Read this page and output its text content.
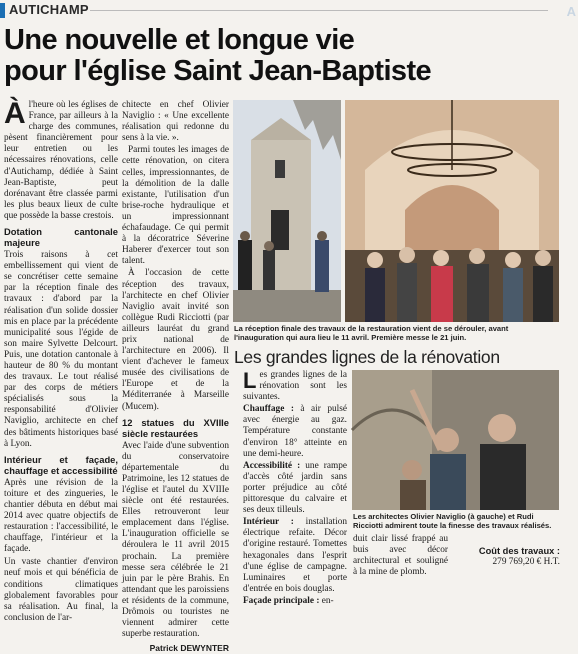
AUTICHAMP	A
Une nouvelle et longue vie
pour l'église Saint Jean-Baptiste

À l'heure où les églises de France, par ailleurs à la charge des communes, pèsent financièrement pour leur entretien ou les nécessaires rénovations, celle d'Autichamp, dédiée à Saint Jean-Baptiste, peut dorénavant être classée parmi les plus beaux lieux de culte que possède la basse crestois.

Dotation cantonale majeure

Trois raisons à cet embellissement qui vient de se concrétiser cette semaine par la réception finale des travaux : d'abord par la réalisation d'un solide dossier mis en place par la précédente municipalité sous l'égide de son maire Sylvette Delcourt. Puis, une dotation cantonale à hauteur de 80 % du montant des travaux. Le tout réalisé par des corps de métiers spécialisés sous la responsabilité d'Olivier Naviglio, architecte en chef des bâtiments historiques basé à Lyon.

Intérieur et façade, chauffage et accessibilité

Après une révision de la toiture et des zingueries, le chantier débuta en début mai 2014 avec quatre objectifs de restauration : l'accessibilité, le chauffage, l'intérieur et la façade.

Un vaste chantier d'environ neuf mois et qui bénéficia de conditions climatiques globalement favorables pour sa réalisation. Au final, la conclusion de l'ar-

chitecte en chef Olivier Naviglio : « Une excellente réalisation qui redonne du sens à la vie. ».

Parmi toutes les images de cette rénovation, on citera celles, impressionnantes, de la démolition de la dalle existante, l'utilisation d'un brise-roche hydraulique et un impressionnant échafaudage. Ce qui permit à la décoratrice Séverine Haberer d'exercer tout son talent.

À l'occasion de cette réception des travaux, l'architecte en chef Olivier Naviglio avait invité son collègue Rudi Ricciotti (par ailleurs lauréat du grand prix national de l'architecture en 2006). Il vient d'achever le fameux musée des civilisations de l'Europe et de la Méditerranée à Marseille (Mucem).

12 statues du XVIIIe siècle restaurées

Avec l'aide d'une subvention du conservatoire départementale du Patrimoine, les 12 statues de l'église et l'autel du XVIIIe siècle ont été restaurées. Elles retrouveront leur emplacement dans l'église. L'inauguration officielle se déroulera le 11 avril 2015 prochain. La première messe sera célébrée le 21 juin par le père Brahis. En attendant que les paroissiens et résidents de la commune, Drômois ou touristes ne viennent admirer cette superbe restauration.

Patrick DEWYNTER
La réception finale des travaux de la restauration vient de se dérouler, avant l'inauguration qui aura lieu le 11 avril. Première messe le 21 juin.
Les grandes lignes de la rénovation

L es grandes lignes de la rénovation sont les suivantes.

Chauffage : à air pulsé avec énergie au gaz. Température constante d'environ 18° atteinte en une demi-heure.

Accessibilité : une rampe d'accès côté jardin sans porter préjudice au côté pittoresque du calvaire et ses deux tilleuls.

Intérieur : installation électrique refaite. Décor d'origine restauré. Tomettes hexagonales dans l'esprit d'une église de campagne. Luminaires et porte d'entrée en bois douglas.

Façade principale : en-

Les architectes Olivier Naviglio (à gauche) et Rudi Ricciotti admirent toute la finesse des travaux réalisés.

duit clair lissé frappé au buis avec décor architectural et souligné à la mine de plomb.

Coût des travaux :
279 769,20 € H.T.
